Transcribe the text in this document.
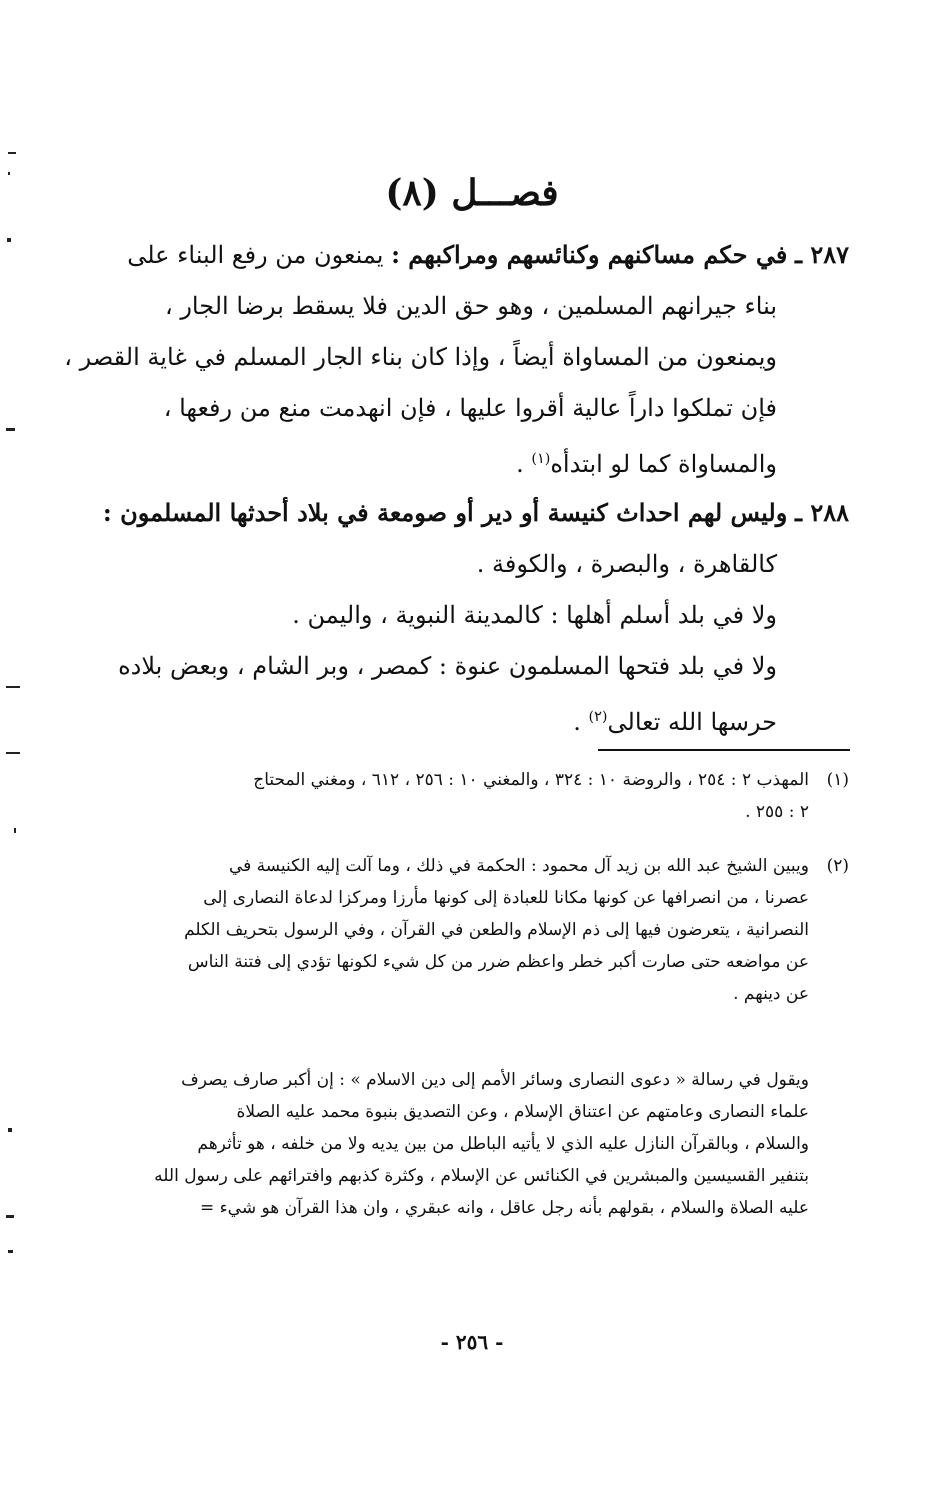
فصـــل (٨)
٢٨٧ ـ في حكم مساكنهم وكنائسهم ومراكبهم : يمنعون من رفع البناء على
بناء جيرانهم المسلمين ، وهو حق الدين فلا يسقط برضا الجار ،
ويمنعون من المساواة أيضاً ، وإذا كان بناء الجار المسلم في غاية القصر ،
فإن تملكوا داراً عالية أقروا عليها ، فإن انهدمت منع من رفعها ،
والمساواة كما لو ابتدأه$^{(١)}$ .
٢٨٨ ـ وليس لهم احداث كنيسة أو دير أو صومعة في بلاد أحدثها المسلمون :
كالقاهرة ، والبصرة ، والكوفة .
ولا في بلد أسلم أهلها : كالمدينة النبوية ، واليمن .
ولا في بلد فتحها المسلمون عنوة : كمصر ، وبر الشام ، وبعض بلاده
حرسها الله تعالى$^{(٢)}$ .
(١)
المهذب ٢ : ٢٥٤ ، والروضة ١٠ : ٣٢٤ ، والمغني ١٠ : ٢٥٦ ، ٦١٢ ، ومغني المحتاج
٢ : ٢٥٥ .
(٢)
ويبين الشيخ عبد الله بن زيد آل محمود : الحكمة في ذلك ، وما آلت إليه الكنيسة في
عصرنا ، من انصرافها عن كونها مكانا للعبادة إلى كونها مأرزا ومركزا لدعاة النصارى إلى
النصرانية ، يتعرضون فيها إلى ذم الإسلام والطعن في القرآن ، وفي الرسول بتحريف الكلم
عن مواضعه حتى صارت أكبر خطر واعظم ضرر من كل شيء لكونها تؤدي إلى فتنة الناس
عن دينهم .
ويقول في رسالة « دعوى النصارى وسائر الأمم إلى دين الاسلام » : إن أكبر صارف يصرف
علماء النصارى وعامتهم عن اعتناق الإسلام ، وعن التصديق بنبوة محمد عليه الصلاة
والسلام ، وبالقرآن النازل عليه الذي لا يأتيه الباطل من بين يديه ولا من خلفه ، هو تأثرهم
بتنفير القسيسين والمبشرين في الكنائس عن الإسلام ، وكثرة كذبهم وافترائهم على رسول الله
عليه الصلاة والسلام ، بقولهم بأنه رجل عاقل ، وانه عبقري ، وان هذا القرآن هو شيء =
- ٢٥٦ -
